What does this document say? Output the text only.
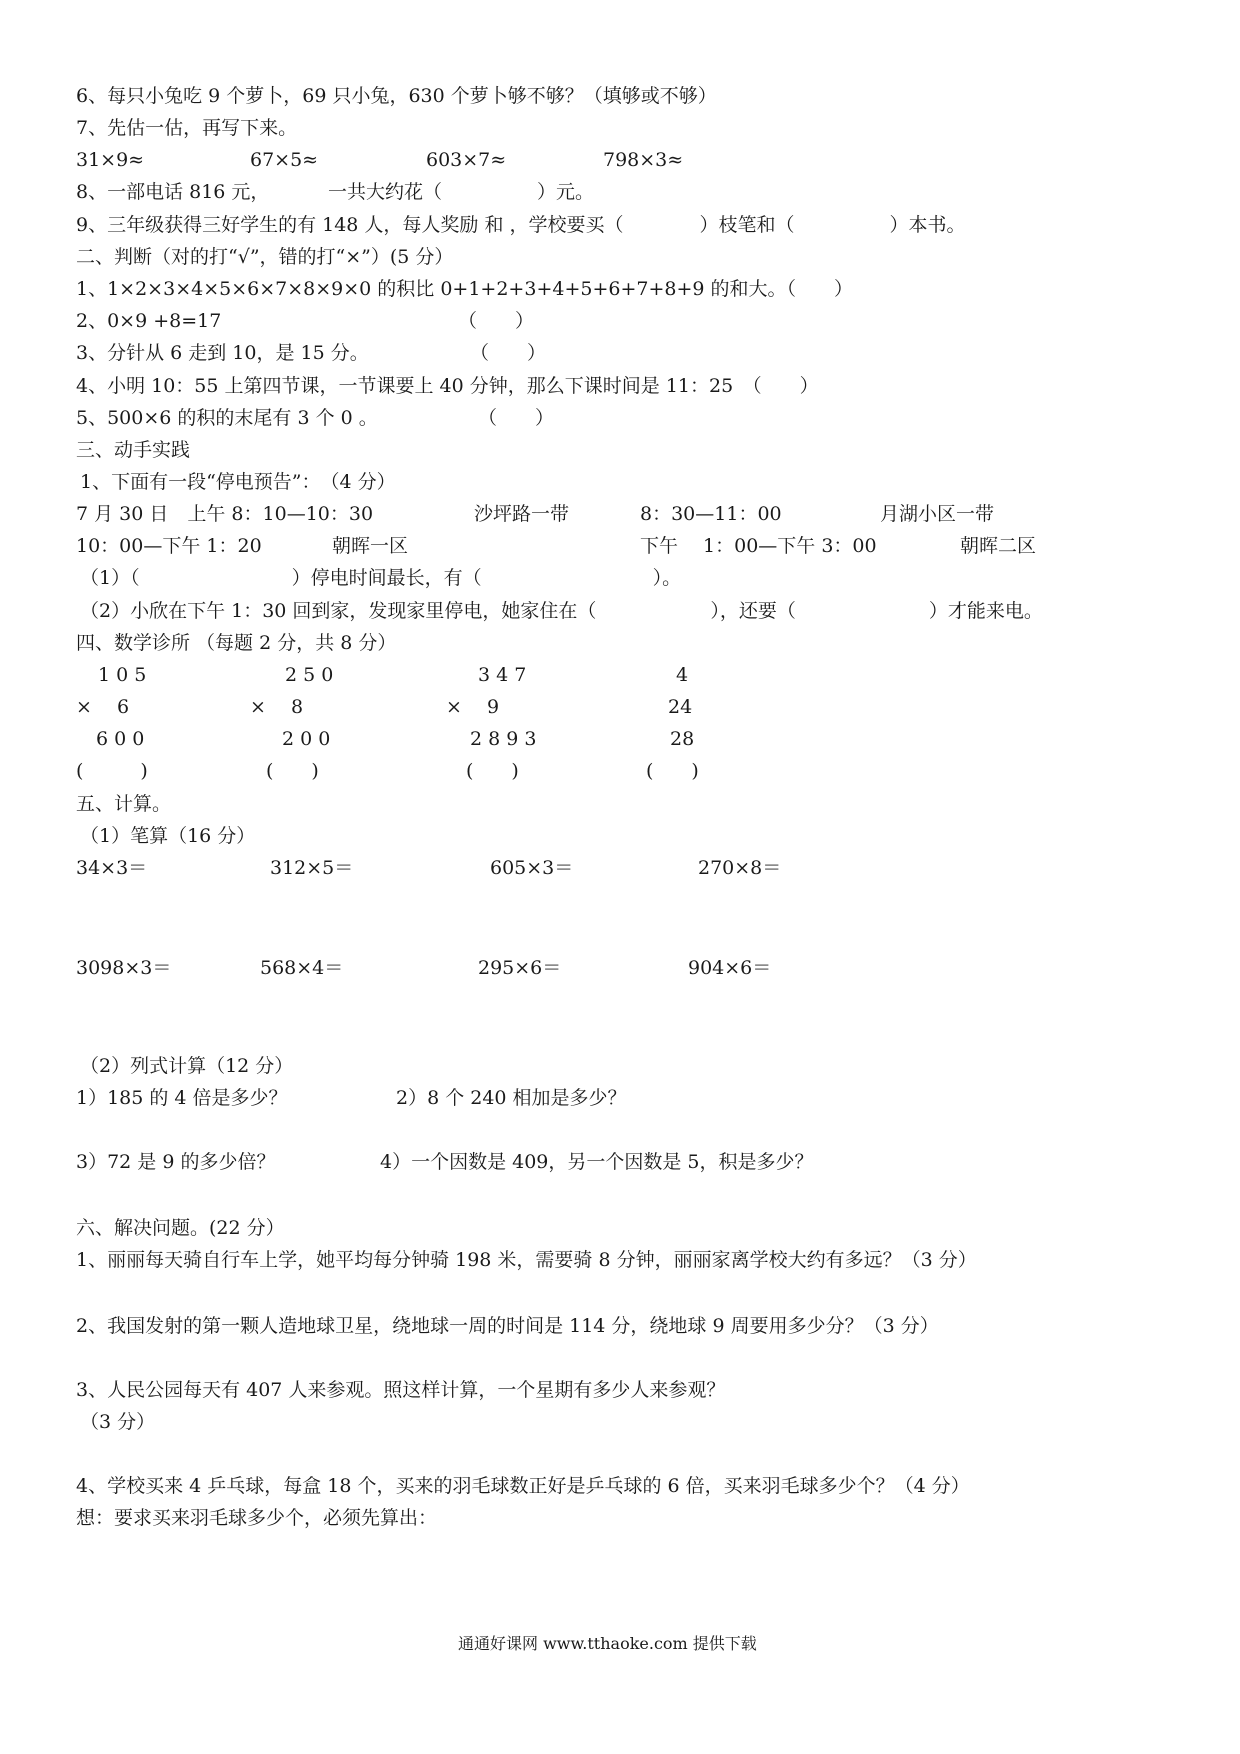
6、每只小兔吃 9 个萝卜，69 只小兔，630 个萝卜够不够？（填够或不够）
7、先估一估，再写下来。
31×9≈	67×5≈	603×7≈	798×3≈
8、一部电话 816 元，	一共大约花（　　　　　）元。
9、三年级获得三好学生的有 148 人，每人奖励 和 ，学校要买（　　　　）枝笔和（　　　　　）本书。
二、判断（对的打“√”，错的打“×”）(5 分）
1、1×2×3×4×5×6×7×8×9×0 的积比 0+1+2+3+4+5+6+7+8+9 的和大。（　　）
2、0×9 +8=17	（　　）
3、分针从 6 走到 10，是 15 分。	（　　）
4、小明 10：55 上第四节课，一节课要上 40 分钟，那么下课时间是 11：25　（　　）
5、500×6 的积的末尾有 3 个 0 。	（　　）
三、动手实践
1、下面有一段“停电预告”：　（4 分）
7 月 30 日　上午 8：10—10：30	沙坪路一带	8：30—11：00	月湖小区一带
10：00—下午 1：20	朝晖一区	下午　 1：00—下午 3：00	朝晖二区
（1）（　　　　　　　　）停电时间最长，有（　　　　　　　　　）。
（2）小欣在下午 1：30 回到家，发现家里停电，她家住在（　　　　　　），还要（　　　　　　　）才能来电。
四、数学诊所 （每题 2 分，共 8 分）
1 0 5	2 5 0	3 4 7	4
×　 6	×　 8	×　 9	24
6 0 0	2 0 0	2 8 9 3	28
(　　　)	(　　)	(　　)	(　　)
五、计算。
（1）笔算（16 分）
34×3＝	312×5＝	605×3＝	270×8＝
3098×3＝	568×4＝	295×6＝	904×6＝
（2）列式计算（12 分）
1）185 的 4 倍是多少？	2）8 个 240 相加是多少？
3）72 是 9 的多少倍？	4）一个因数是 409，另一个因数是 5，积是多少？
六、解决问题。(22 分）
1、丽丽每天骑自行车上学，她平均每分钟骑 198 米，需要骑 8 分钟，丽丽家离学校大约有多远？（3 分）
2、我国发射的第一颗人造地球卫星，绕地球一周的时间是 114 分，绕地球 9 周要用多少分？（3 分）
3、人民公园每天有 407 人来参观。照这样计算，一个星期有多少人来参观？
（3 分）
4、学校买来 4 乒乓球，每盒 18 个，买来的羽毛球数正好是乒乓球的 6 倍，买来羽毛球多少个？（4 分）
想：要求买来羽毛球多少个，必须先算出：
通通好课网 www.tthaoke.com 提供下载
